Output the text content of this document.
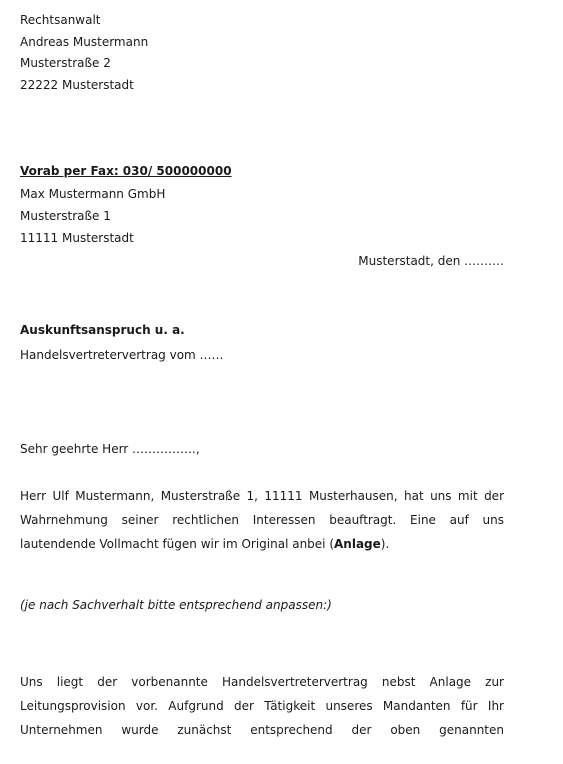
Rechtsanwalt
Andreas Mustermann
Musterstraße 2
22222 Musterstadt
Vorab per Fax: 030/ 500000000
Max Mustermann GmbH
Musterstraße 1
11111 Musterstadt
Musterstadt, den ……….
Auskunftsanspruch u. a.
Handelsvertretervertrag vom ……
Sehr geehrte Herr …………….,
Herr Ulf Mustermann, Musterstraße 1, 11111 Musterhausen, hat uns mit der
Wahrnehmung seiner rechtlichen Interessen beauftragt. Eine auf uns
lautendende Vollmacht fügen wir im Original anbei (Anlage).
(je nach Sachverhalt bitte entsprechend anpassen:)
Uns liegt der vorbenannte Handelsvertretervertrag nebst Anlage zur
Leitungsprovision vor. Aufgrund der Tätigkeit unseres Mandanten für Ihr
Unternehmen wurde zunächst entsprechend der oben genannten
